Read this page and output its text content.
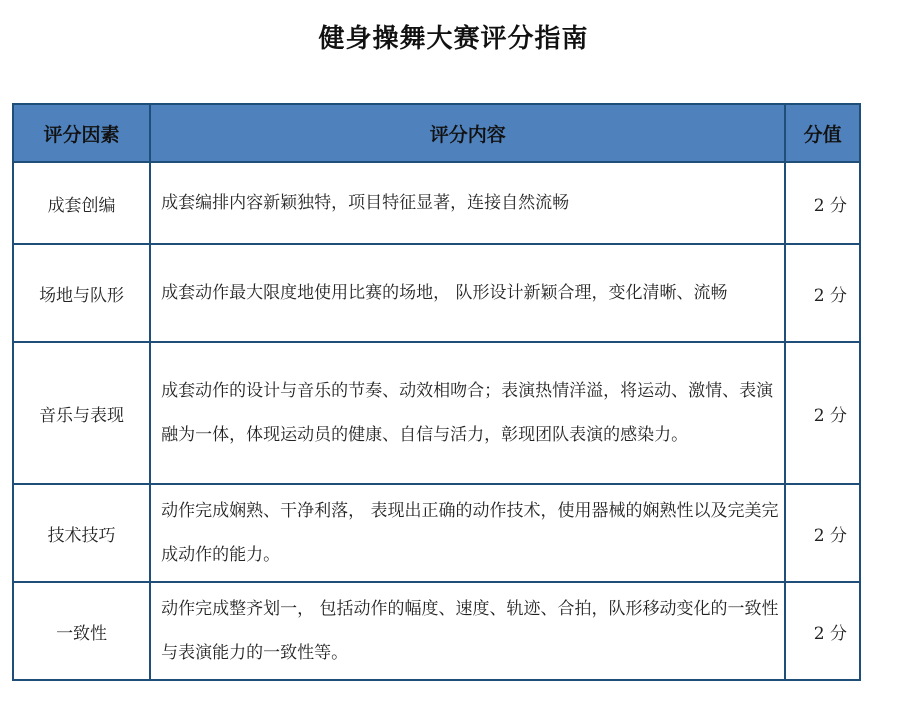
健身操舞大赛评分指南
评分因素	评分内容	分值
成套创编	成套编排内容新颖独特，项目特征显著，连接自然流畅	2 分
场地与队形	成套动作最大限度地使用比赛的场地， 队形设计新颖合理，变化清晰、流畅	2 分
音乐与表现	成套动作的设计与音乐的节奏、动效相吻合；表演热情洋溢，将运动、激情、表演融为一体，体现运动员的健康、自信与活力，彰现团队表演的感染力。	2 分
技术技巧	动作完成娴熟、干净利落， 表现出正确的动作技术，使用器械的娴熟性以及完美完成动作的能力。	2 分
一致性	动作完成整齐划一， 包括动作的幅度、速度、轨迹、合拍，队形移动变化的一致性与表演能力的一致性等。	2 分
